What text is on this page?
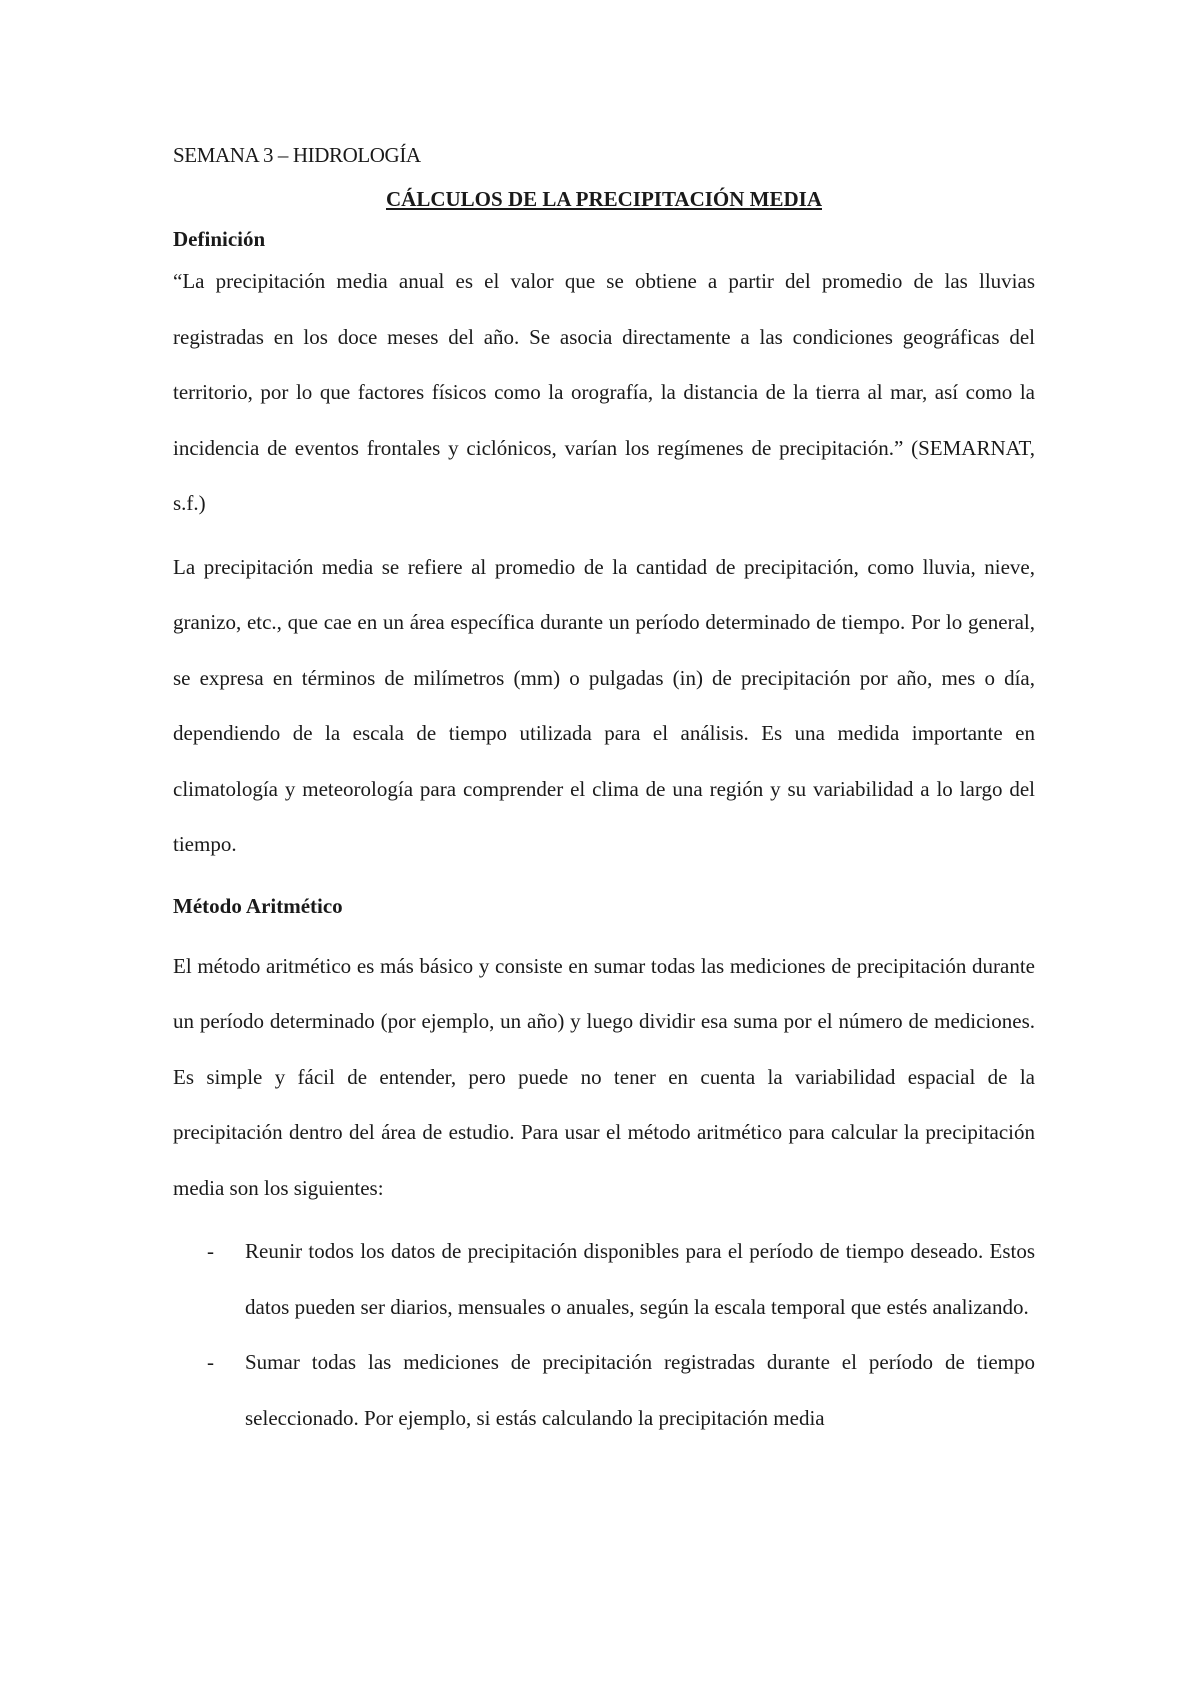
SEMANA 3 – HIDROLOGÍA

CÁLCULOS DE LA PRECIPITACIÓN MEDIA

Definición

“La precipitación media anual es el valor que se obtiene a partir del promedio de las lluvias registradas en los doce meses del año. Se asocia directamente a las condiciones geográficas del territorio, por lo que factores físicos como la orografía, la distancia de la tierra al mar, así como la incidencia de eventos frontales y ciclónicos, varían los regímenes de precipitación.” (SEMARNAT, s.f.)

La precipitación media se refiere al promedio de la cantidad de precipitación, como lluvia, nieve, granizo, etc., que cae en un área específica durante un período determinado de tiempo. Por lo general, se expresa en términos de milímetros (mm) o pulgadas (in) de precipitación por año, mes o día, dependiendo de la escala de tiempo utilizada para el análisis. Es una medida importante en climatología y meteorología para comprender el clima de una región y su variabilidad a lo largo del tiempo.

Método Aritmético

El método aritmético es más básico y consiste en sumar todas las mediciones de precipitación durante un período determinado (por ejemplo, un año) y luego dividir esa suma por el número de mediciones. Es simple y fácil de entender, pero puede no tener en cuenta la variabilidad espacial de la precipitación dentro del área de estudio. Para usar el método aritmético para calcular la precipitación media son los siguientes:

- Reunir todos los datos de precipitación disponibles para el período de tiempo deseado. Estos datos pueden ser diarios, mensuales o anuales, según la escala temporal que estés analizando.

- Sumar todas las mediciones de precipitación registradas durante el período de tiempo seleccionado. Por ejemplo, si estás calculando la precipitación media
